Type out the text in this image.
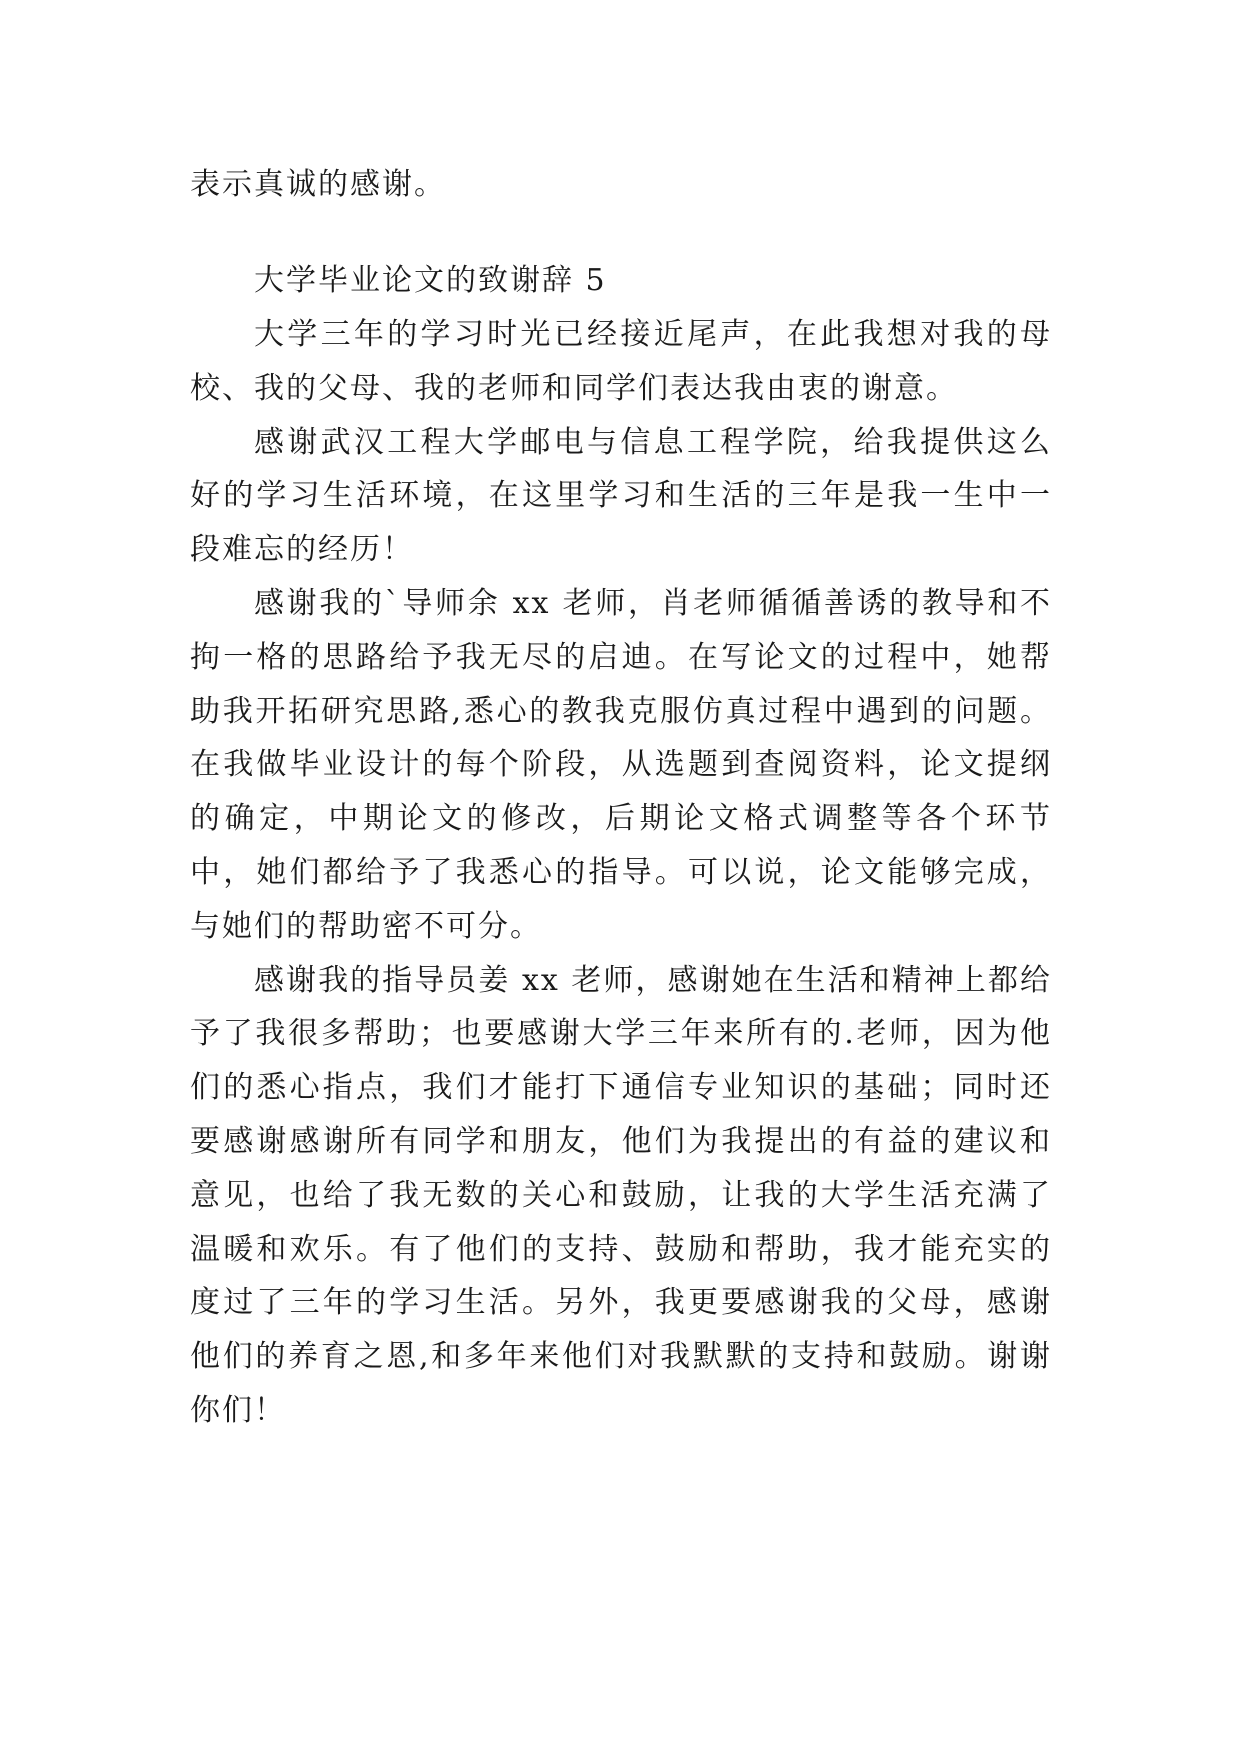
表示真诚的感谢。

大学毕业论文的致谢辞 5

大学三年的学习时光已经接近尾声，在此我想对我的母校、我的父母、我的老师和同学们表达我由衷的谢意。

感谢武汉工程大学邮电与信息工程学院，给我提供这么好的学习生活环境，在这里学习和生活的三年是我一生中一段难忘的经历！

感谢我的`导师余 xx 老师，肖老师循循善诱的教导和不拘一格的思路给予我无尽的启迪。在写论文的过程中，她帮助我开拓研究思路,悉心的教我克服仿真过程中遇到的问题。在我做毕业设计的每个阶段，从选题到查阅资料，论文提纲的确定，中期论文的修改，后期论文格式调整等各个环节中，她们都给予了我悉心的指导。可以说，论文能够完成，与她们的帮助密不可分。

感谢我的指导员姜 xx 老师，感谢她在生活和精神上都给予了我很多帮助；也要感谢大学三年来所有的.老师，因为他们的悉心指点，我们才能打下通信专业知识的基础；同时还要感谢感谢所有同学和朋友，他们为我提出的有益的建议和意见，也给了我无数的关心和鼓励，让我的大学生活充满了温暖和欢乐。有了他们的支持、鼓励和帮助，我才能充实的度过了三年的学习生活。另外，我更要感谢我的父母，感谢他们的养育之恩,和多年来他们对我默默的支持和鼓励。谢谢你们！
